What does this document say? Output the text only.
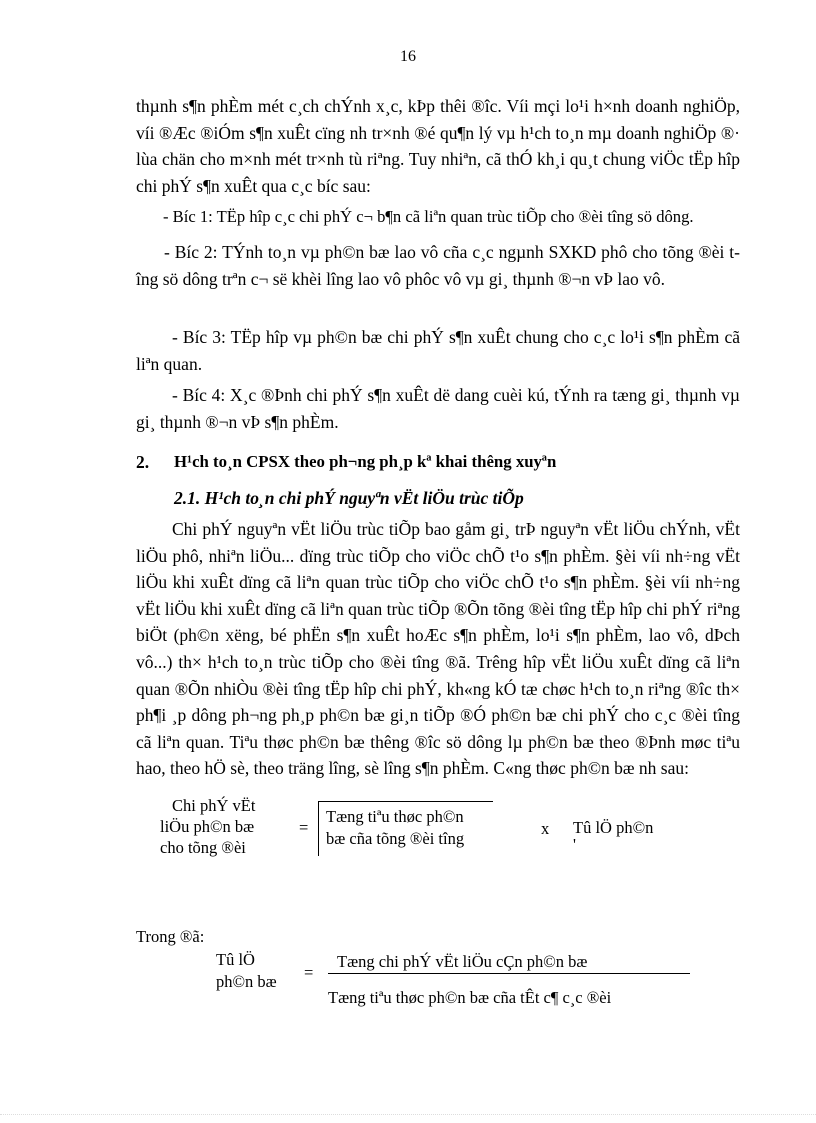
16

thµnh s¶n phÈm mét c¸ch chÝnh x¸c, kÞp thêi ®îc. Víi mçi lo¹i h×nh doanh nghiÖp, víi ®Æc ®iÓm s¶n xuÊt cïng nh tr×nh ®é qu¶n lý vµ h¹ch to¸n mµ doanh nghiÖp ®· lùa chän cho m×nh mét tr×nh tù riªng. Tuy nhiªn, cã thÓ kh¸i qu¸t chung viÖc tËp hîp chi phÝ s¶n xuÊt qua c¸c bíc sau:

- Bíc 1: TËp hîp c¸c chi phÝ c¬ b¶n cã liªn quan trùc tiÕp cho ®èi tîng sö dông.

- Bíc 2: TÝnh to¸n vµ ph©n bæ lao vô cña c¸c ngµnh SXKD phô cho tõng ®èi tîng sö dông trªn c¬ së khèi lîng lao vô phôc vô vµ gi¸ thµnh ®¬n vÞ lao vô.

- Bíc 3: TËp hîp vµ ph©n bæ chi phÝ s¶n xuÊt chung cho c¸c lo¹i s¶n phÈm cã liªn quan.

- Bíc 4: X¸c ®Þnh chi phÝ s¶n xuÊt dë dang cuèi kú, tÝnh ra tæng gi¸ thµnh vµ gi¸ thµnh ®¬n vÞ s¶n phÈm.

2. H¹ch to¸n CPSX theo ph¬ng ph¸p kª khai thêng xuyªn
2.1. H¹ch to¸n chi phÝ nguyªn vËt liÖu trùc tiÕp

Chi phÝ nguyªn vËt liÖu trùc tiÕp bao gåm gi¸ trÞ nguyªn vËt liÖu chÝnh, vËt liÖu phô, nhiªn liÖu... dïng trùc tiÕp cho viÖc chÕ t¹o s¶n phÈm. §èi víi nh÷ng vËt liÖu khi xuÊt dïng cã liªn quan trùc tiÕp cho viÖc chÕ t¹o s¶n phÈm. §èi víi nh÷ng vËt liÖu khi xuÊt dïng cã liªn quan trùc tiÕp ®Õn tõng ®èi tîng tËp hîp chi phÝ riªng biÖt (ph©n xëng, bé phËn s¶n xuÊt hoÆc s¶n phÈm, lo¹i s¶n phÈm, lao vô, dÞch vô...) th× h¹ch to¸n trùc tiÕp cho ®èi tîng ®ã. Trêng hîp vËt liÖu xuÊt dïng cã liªn quan ®Õn nhiÒu ®èi tîng tËp hîp chi phÝ, kh«ng kÓ tæ chøc h¹ch to¸n riªng ®îc th× ph¶i ¸p dông ph¬ng ph¸p ph©n bæ gi¸n tiÕp ®Ó ph©n bæ chi phÝ cho c¸c ®èi tîng cã liªn quan. Tiªu thøc ph©n bæ thêng ®îc sö dông lµ ph©n bæ theo ®Þnh møc tiªu hao, theo hÖ sè, theo träng lîng, sè lîng s¶n phÈm. C«ng thøc ph©n bæ nh sau:

Chi phÝ vËt
liÖu ph©n bæ
cho tõng ®èi
=
Tæng tiªu thøc ph©n
bæ cña tõng ®èi tîng
x Tû lÖ ph©n
'
Trong ®ã:
Tû lÖ
ph©n bæ =
Tæng chi phÝ vËt liÖu cÇn ph©n bæ
Tæng tiªu thøc ph©n bæ cña tÊt c¶ c¸c ®èi
